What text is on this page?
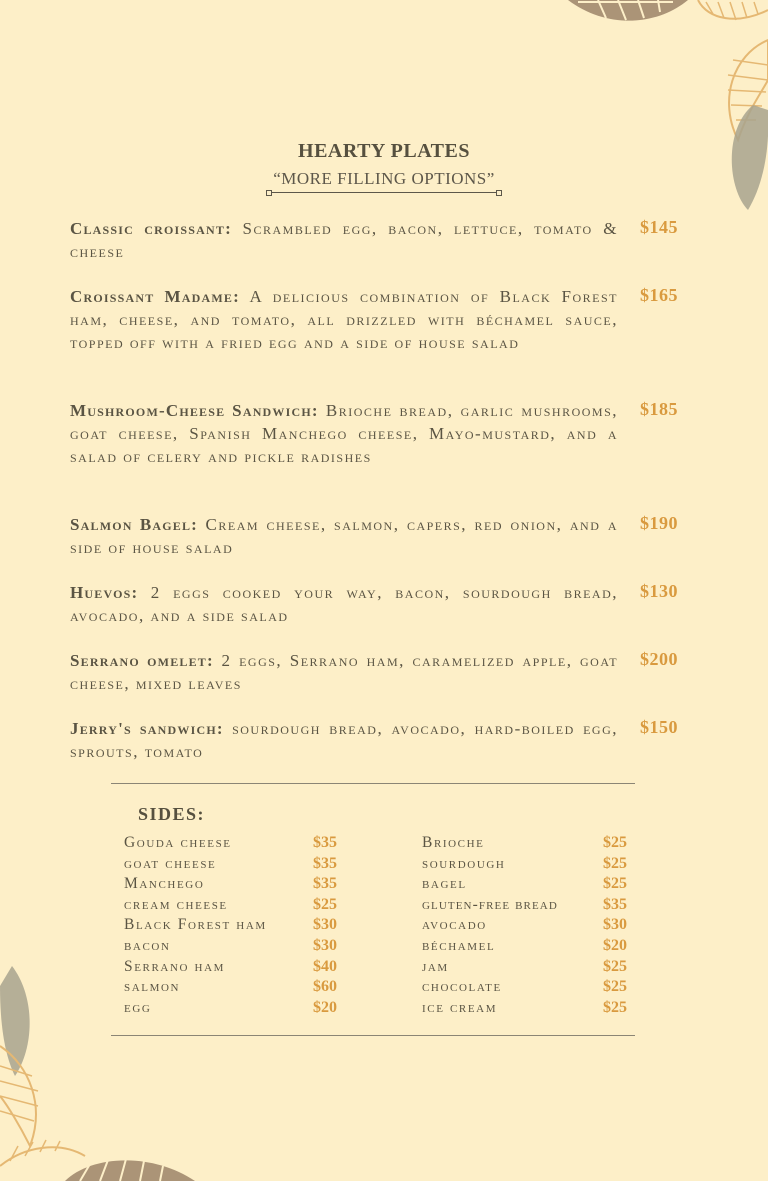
HEARTY PLATES
“MORE FILLING OPTIONS”
Classic croissant: Scrambled egg, bacon, lettuce, tomato & cheese
$145
Croissant Madame: A delicious combination of Black Forest ham, cheese, and tomato, all drizzled with béchamel sauce, topped off with a fried egg and a side of house salad
$165
Mushroom-Cheese Sandwich: Brioche bread, garlic mushrooms, goat cheese, Spanish Manchego cheese, Mayo-mustard, and a salad of celery and pickle radishes
$185
Salmon Bagel: Cream cheese, salmon, capers, red onion, and a side of house salad
$190
Huevos: 2 eggs cooked your way, bacon, sourdough bread, avocado, and a side salad
$130
Serrano omelet: 2 eggs, Serrano ham, caramelized apple, goat cheese, mixed leaves
$200
Jerry's sandwich: sourdough bread, avocado, hard-boiled egg, sprouts, tomato
$150
SIDES:
Gouda cheese	$35
goat cheese	$35
Manchego	$35
cream cheese	$25
Black Forest ham	$30
bacon	$30
Serrano ham	$40
salmon	$60
egg	$20
Brioche	$25
sourdough	$25
bagel	$25
gluten-free bread	$35
avocado	$30
béchamel	$20
jam	$25
chocolate	$25
ice cream	$25
